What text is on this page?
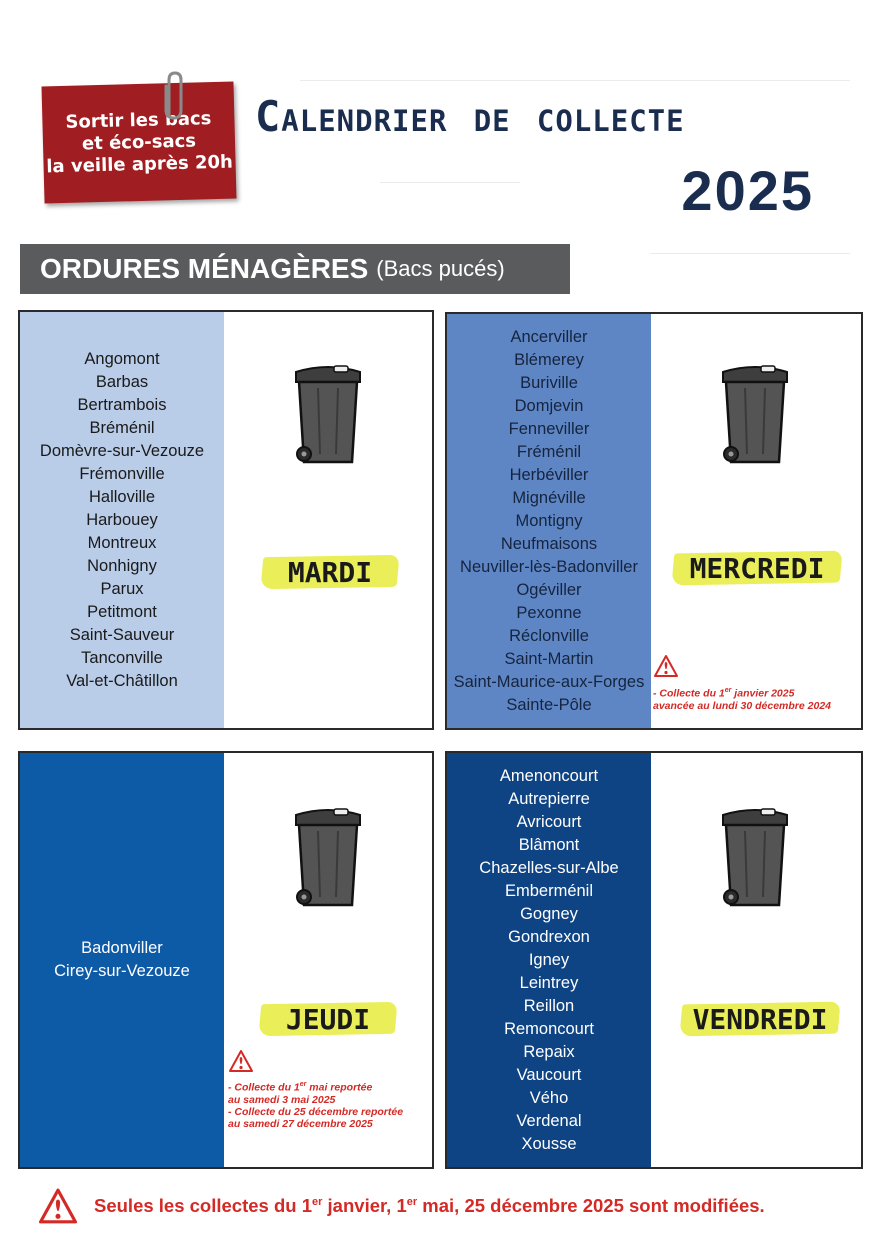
Sortir les bacs
et éco-sacs
la veille après 20h
Calendrier de collecte
2025
ORDURES MÉNAGÈRES (Bacs pucés)
Angomont
Barbas
Bertrambois
Bréménil
Domèvre-sur-Vezouze
Frémonville
Halloville
Harbouey
Montreux
Nonhigny
Parux
Petitmont
Saint-Sauveur
Tanconville
Val-et-Châtillon
MARDI
Ancerviller
Blémerey
Buriville
Domjevin
Fenneviller
Fréménil
Herbéviller
Mignéville
Montigny
Neufmaisons
Neuviller-lès-Badonviller
Ogéviller
Pexonne
Réclonville
Saint-Martin
Saint-Maurice-aux-Forges
Sainte-Pôle
MERCREDI
- Collecte du 1er janvier 2025
avancée au lundi 30 décembre 2024
Badonviller
Cirey-sur-Vezouze
JEUDI
- Collecte du 1er mai reportée
au samedi 3 mai 2025
- Collecte du 25 décembre reportée
au samedi 27 décembre 2025
Amenoncourt
Autrepierre
Avricourt
Blâmont
Chazelles-sur-Albe
Emberménil
Gogney
Gondrexon
Igney
Leintrey
Reillon
Remoncourt
Repaix
Vaucourt
Vého
Verdenal
Xousse
VENDREDI
Seules les collectes du 1er janvier, 1er mai, 25 décembre 2025 sont modifiées.
